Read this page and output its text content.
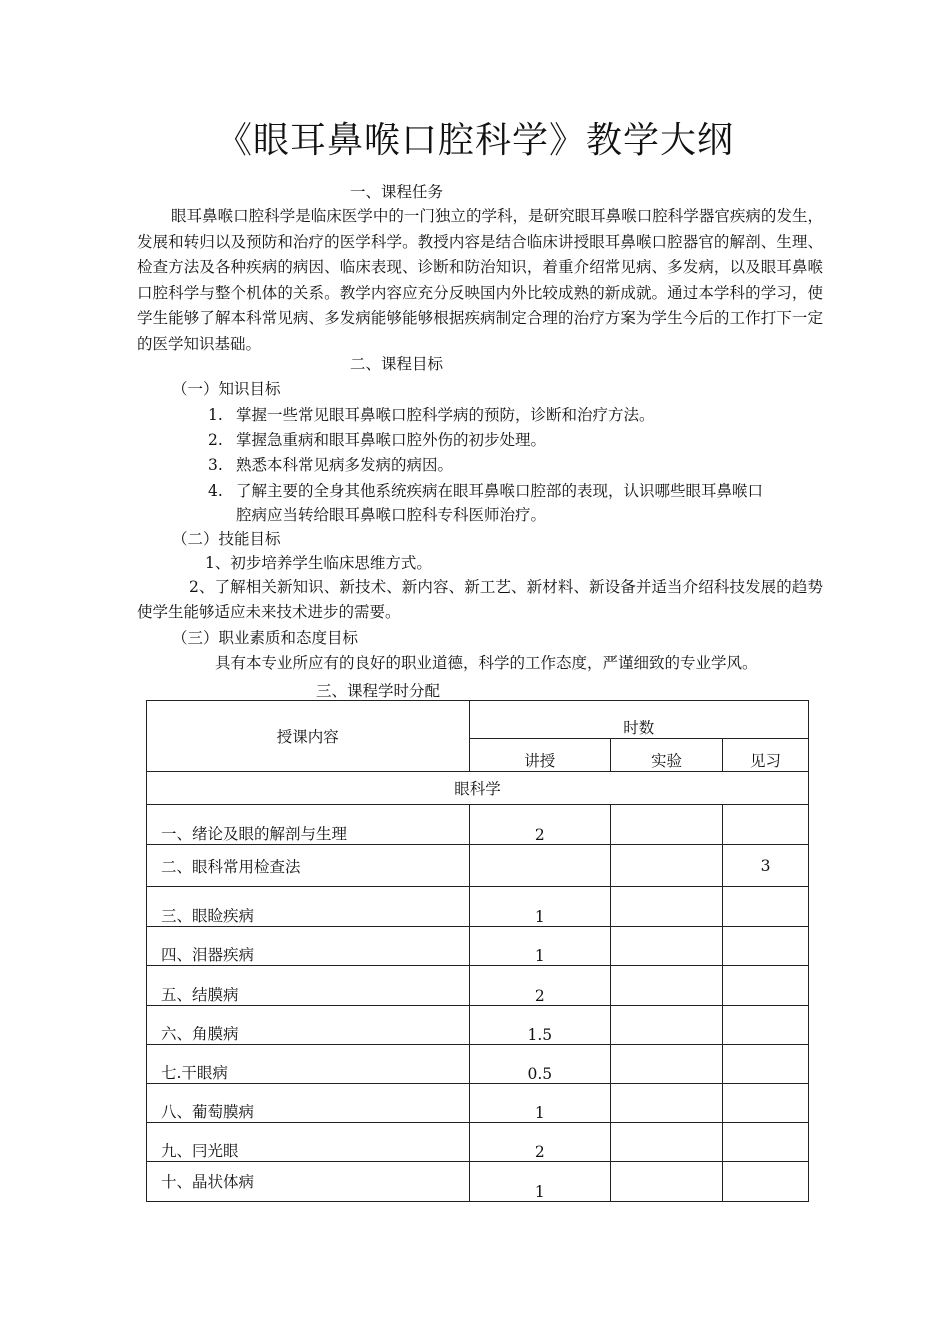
《眼耳鼻喉口腔科学》教学大纲
一、课程任务
眼耳鼻喉口腔科学是临床医学中的一门独立的学科，是研究眼耳鼻喉口腔科学器官疾病的发生，发展和转归以及预防和治疗的医学科学。教授内容是结合临床讲授眼耳鼻喉口腔器官的解剖、生理、检查方法及各种疾病的病因、临床表现、诊断和防治知识，着重介绍常见病、多发病，以及眼耳鼻喉口腔科学与整个机体的关系。教学内容应充分反映国内外比较成熟的新成就。通过本学科的学习，使学生能够了解本科常见病、多发病能够能够根据疾病制定合理的治疗方案为学生今后的工作打下一定的医学知识基础。
二、课程目标
（一）知识目标
1. 掌握一些常见眼耳鼻喉口腔科学病的预防，诊断和治疗方法。
2. 掌握急重病和眼耳鼻喉口腔外伤的初步处理。
3. 熟悉本科常见病多发病的病因。
4. 了解主要的全身其他系统疾病在眼耳鼻喉口腔部的表现，认识哪些眼耳鼻喉口
腔病应当转给眼耳鼻喉口腔科专科医师治疗。
（二）技能目标
1、初步培养学生临床思维方式。
2、了解相关新知识、新技术、新内容、新工艺、新材料、新设备并适当介绍科技发展的趋势使学生能够适应未来技术进步的需要。
（三）职业素质和态度目标
具有本专业所应有的良好的职业道德，科学的工作态度，严谨细致的专业学风。
三、课程学时分配
授课内容	时数		
	讲授	实验	见习
眼科学			
一、绪论及眼的解剖与生理	2		
二、眼科常用检查法			3
三、眼睑疾病	1		
四、泪器疾病	1		
五、结膜病	2		
六、角膜病	1.5		
七.干眼病	0.5		
八、葡萄膜病	1		
九、冃光眼	2		
十、晶状体病	1		
